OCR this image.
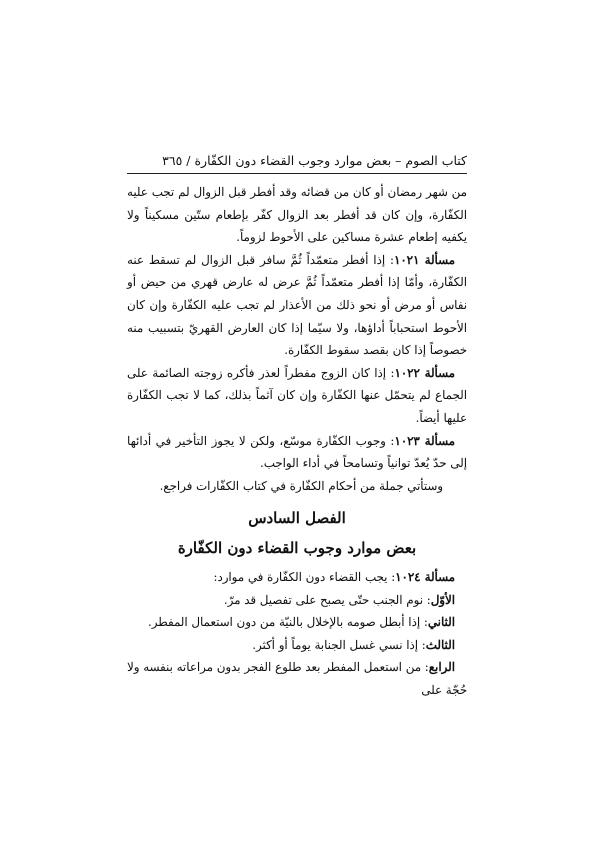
كتاب الصوم – بعض موارد وجوب القضاء دون الكفّارة / ٣٦٥

من شهر رمضان أو كان من قضائه وقد أفطر قبل الزوال لم تجب عليه الكفّارة، وإن كان قد أفطر بعد الزوال كفّر بإطعام ستّين مسكيناً ولا يكفيه إطعام عشرة مساكين على الأحوط لزوماً.

مسألة ١٠٢١: إذا أفطر متعمّداً ثُمَّ سافر قبل الزوال لم تسقط عنه الكفّارة، وأمّا إذا أفطر متعمّداً ثُمَّ عرض له عارض قهري من حيض أو نفاس أو مرض أو نحو ذلك من الأعذار لم تجب عليه الكفّارة وإن كان الأحوط استحباباً أداؤها، ولا سيّما إذا كان العارض القهريّ بتسبيب منه خصوصاً إذا كان بقصد سقوط الكفّارة.

مسألة ١٠٢٢: إذا كان الزوج مفطراً لعذر فأكره زوجته الصائمة على الجماع لم يتحمّل عنها الكفّارة وإن كان آثماً بذلك، كما لا تجب الكفّارة عليها أيضاً.

مسألة ١٠٢٣: وجوب الكفّارة موسّع، ولكن لا يجوز التأخير في أدائها إلى حدّ يُعدّ توانياً وتسامحاً في أداء الواجب.

وستأتي جملة من أحكام الكفّارة في كتاب الكفّارات فراجع.

الفصل السادس
بعض موارد وجوب القضاء دون الكفّارة

مسألة ١٠٢٤: يجب القضاء دون الكفّارة في موارد:

الأوّل: نوم الجنب حتّى يصبح على تفصيل قد مرّ.

الثاني: إذا أبطل صومه بالإخلال بالنيّة من دون استعمال المفطر.

الثالث: إذا نسي غسل الجنابة يوماً أو أكثر.

الرابع: من استعمل المفطر بعد طلوع الفجر بدون مراعاته بنفسه ولا حُجّة على
